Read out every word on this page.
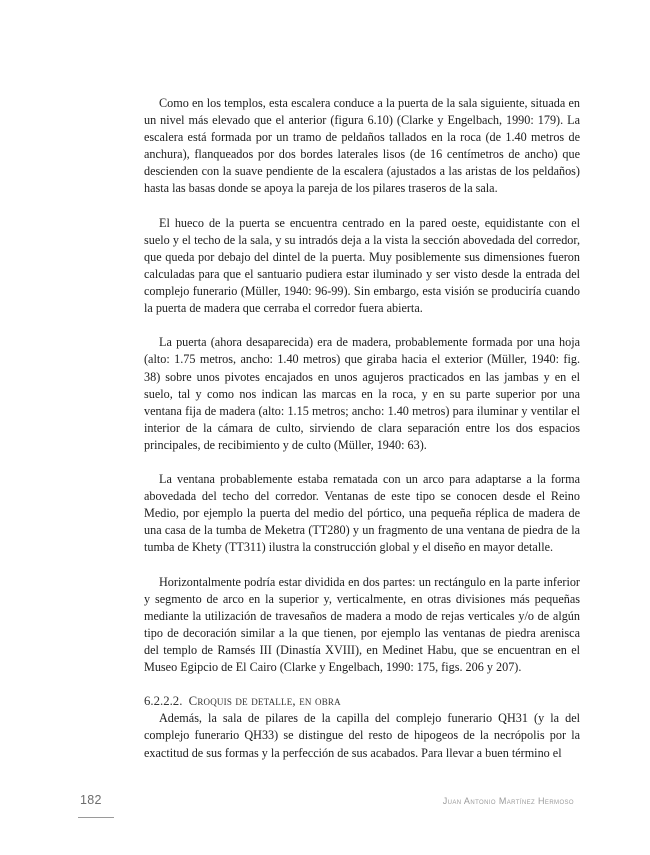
Como en los templos, esta escalera conduce a la puerta de la sala siguiente, situada en un nivel más elevado que el anterior (figura 6.10) (Clarke y Engelbach, 1990: 179). La escalera está formada por un tramo de peldaños tallados en la roca (de 1.40 metros de anchura), flanqueados por dos bordes laterales lisos (de 16 centímetros de ancho) que descienden con la suave pendiente de la escalera (ajustados a las aristas de los peldaños) hasta las basas donde se apoya la pareja de los pilares traseros de la sala.

El hueco de la puerta se encuentra centrado en la pared oeste, equidistante con el suelo y el techo de la sala, y su intradós deja a la vista la sección abovedada del corredor, que queda por debajo del dintel de la puerta. Muy posiblemente sus dimensiones fueron calculadas para que el santuario pudiera estar iluminado y ser visto desde la entrada del complejo funerario (Müller, 1940: 96-99). Sin embargo, esta visión se produciría cuando la puerta de madera que cerraba el corredor fuera abierta.

La puerta (ahora desaparecida) era de madera, probablemente formada por una hoja (alto: 1.75 metros, ancho: 1.40 metros) que giraba hacia el exterior (Müller, 1940: fig. 38) sobre unos pivotes encajados en unos agujeros practicados en las jambas y en el suelo, tal y como nos indican las marcas en la roca, y en su parte superior por una ventana fija de madera (alto: 1.15 metros; ancho: 1.40 metros) para iluminar y ventilar el interior de la cámara de culto, sirviendo de clara separación entre los dos espacios principales, de recibimiento y de culto (Müller, 1940: 63).

La ventana probablemente estaba rematada con un arco para adaptarse a la forma abovedada del techo del corredor. Ventanas de este tipo se conocen desde el Reino Medio, por ejemplo la puerta del medio del pórtico, una pequeña réplica de madera de una casa de la tumba de Meketra (TT280) y un fragmento de una ventana de piedra de la tumba de Khety (TT311) ilustra la construcción global y el diseño en mayor detalle.

Horizontalmente podría estar dividida en dos partes: un rectángulo en la parte inferior y segmento de arco en la superior y, verticalmente, en otras divisiones más pequeñas mediante la utilización de travesaños de madera a modo de rejas verticales y/o de algún tipo de decoración similar a la que tienen, por ejemplo las ventanas de piedra arenisca del templo de Ramsés III (Dinastía XVIII), en Medinet Habu, que se encuentran en el Museo Egipcio de El Cairo (Clarke y Engelbach, 1990: 175, figs. 206 y 207).

6.2.2.2. Croquis de detalle, en obra

Además, la sala de pilares de la capilla del complejo funerario QH31 (y la del complejo funerario QH33) se distingue del resto de hipogeos de la necrópolis por la exactitud de sus formas y la perfección de sus acabados. Para llevar a buen término el

182	Juan Antonio Martínez Hermoso
